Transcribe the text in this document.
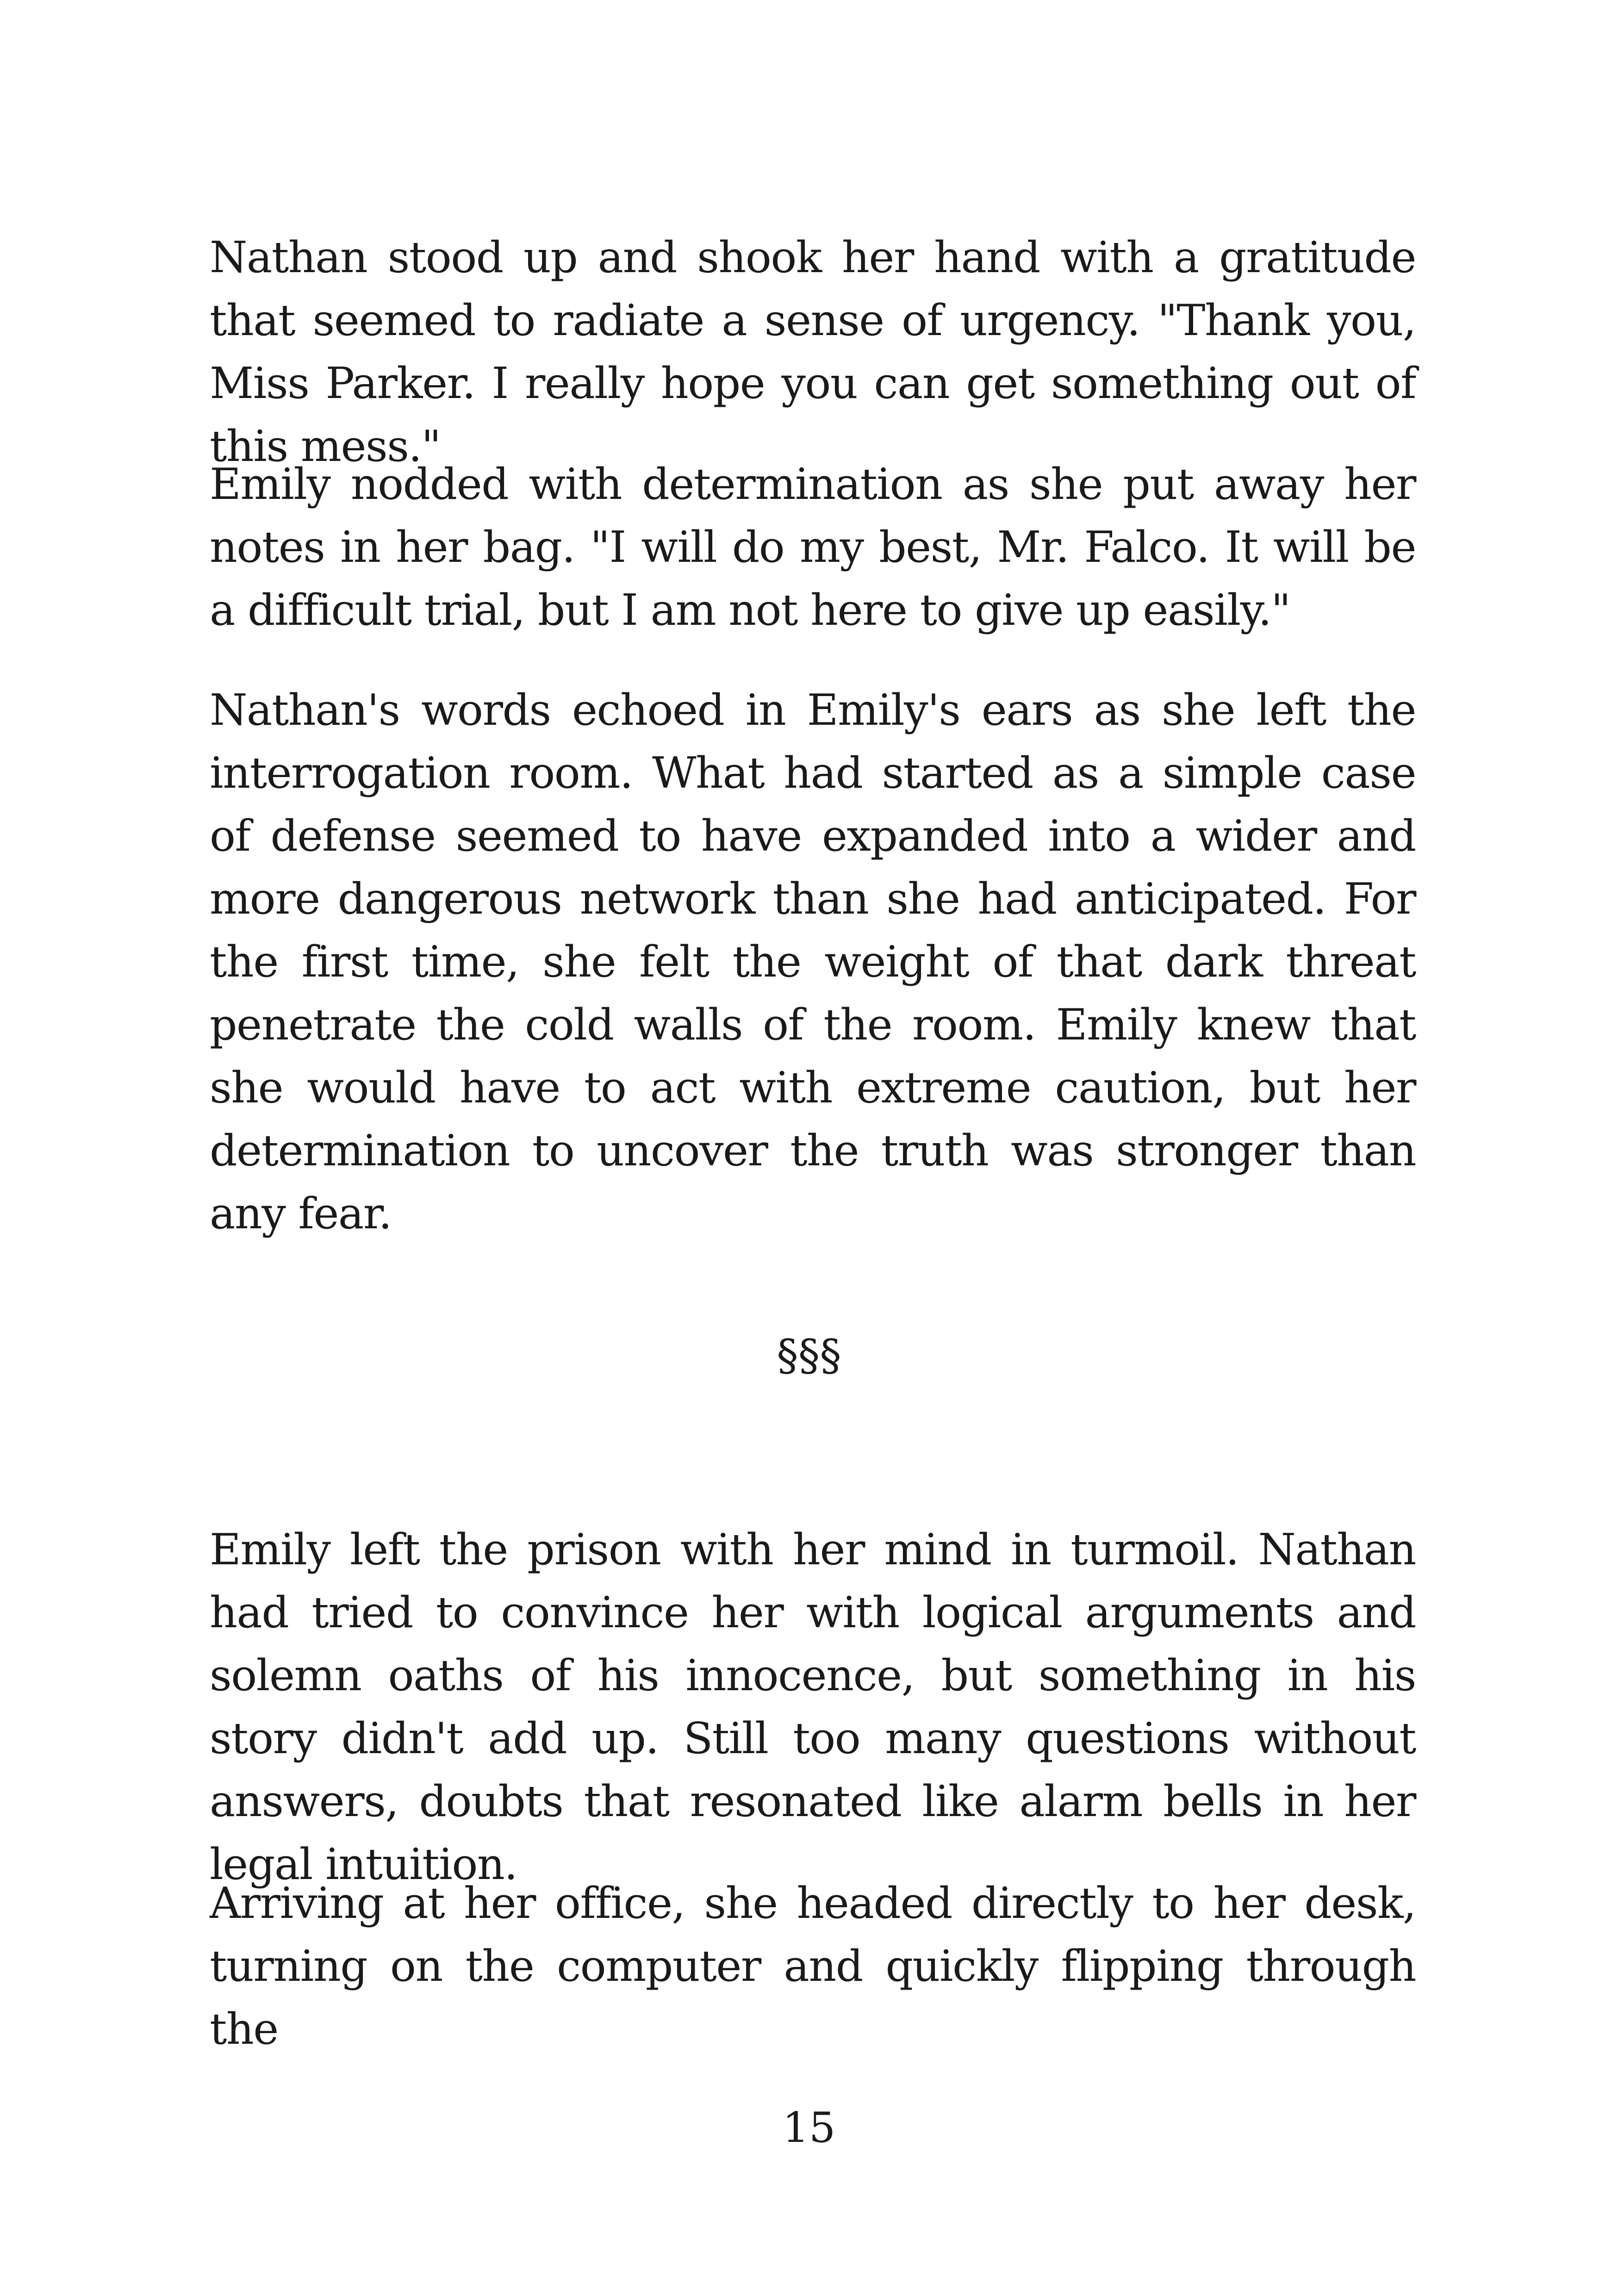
Nathan stood up and shook her hand with a gratitude that seemed to radiate a sense of urgency. "Thank you, Miss Parker. I really hope you can get something out of this mess."

Emily nodded with determination as she put away her notes in her bag. "I will do my best, Mr. Falco. It will be a difficult trial, but I am not here to give up easily."

Nathan's words echoed in Emily's ears as she left the interrogation room. What had started as a simple case of defense seemed to have expanded into a wider and more dangerous network than she had anticipated. For the first time, she felt the weight of that dark threat penetrate the cold walls of the room. Emily knew that she would have to act with extreme caution, but her determination to uncover the truth was stronger than any fear.

§§§

Emily left the prison with her mind in turmoil. Nathan had tried to convince her with logical arguments and solemn oaths of his innocence, but something in his story didn't add up. Still too many questions without answers, doubts that resonated like alarm bells in her legal intuition.

Arriving at her office, she headed directly to her desk, turning on the computer and quickly flipping through the

15
